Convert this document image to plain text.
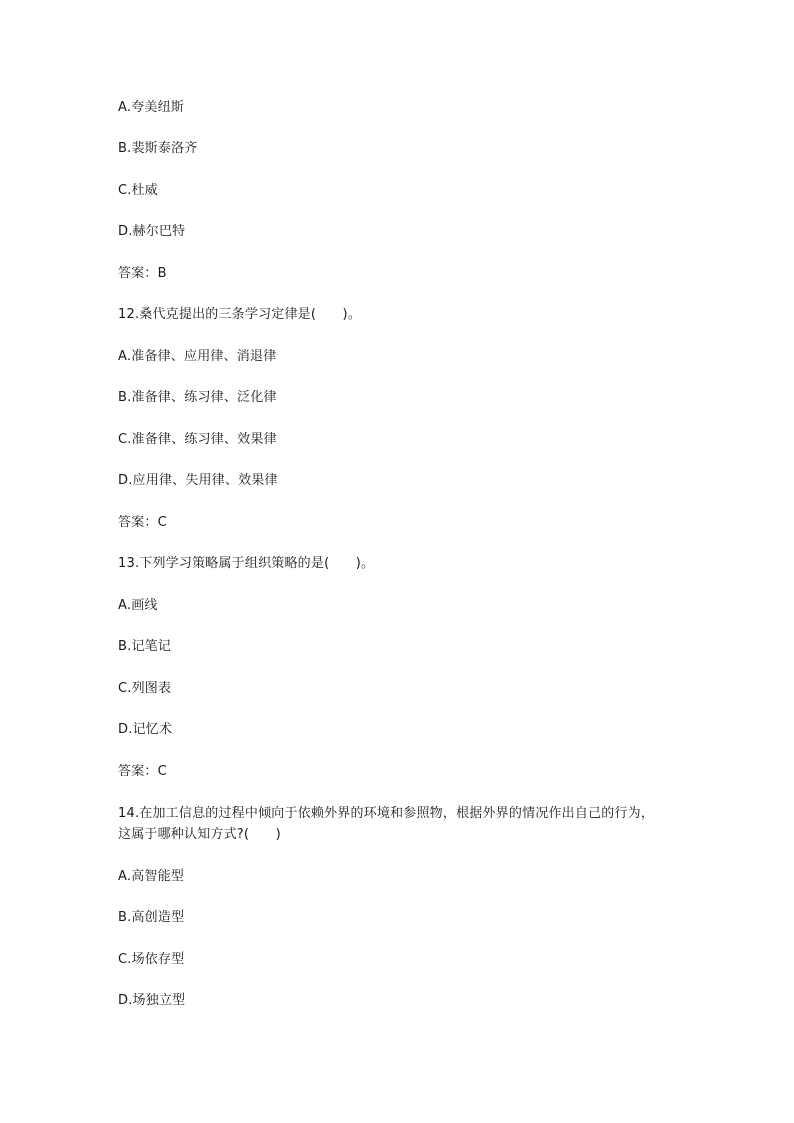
A.夸美纽斯
B.裴斯泰洛齐
C.杜威
D.赫尔巴特
答案：B
12.桑代克提出的三条学习定律是(　　)。
A.准备律、应用律、消退律
B.准备律、练习律、泛化律
C.准备律、练习律、效果律
D.应用律、失用律、效果律
答案：C
13.下列学习策略属于组织策略的是(　　)。
A.画线
B.记笔记
C.列图表
D.记忆术
答案：C
14.在加工信息的过程中倾向于依赖外界的环境和参照物，根据外界的情况作出自己的行为，
这属于哪种认知方式?(　　)
A.高智能型
B.高创造型
C.场依存型
D.场独立型
